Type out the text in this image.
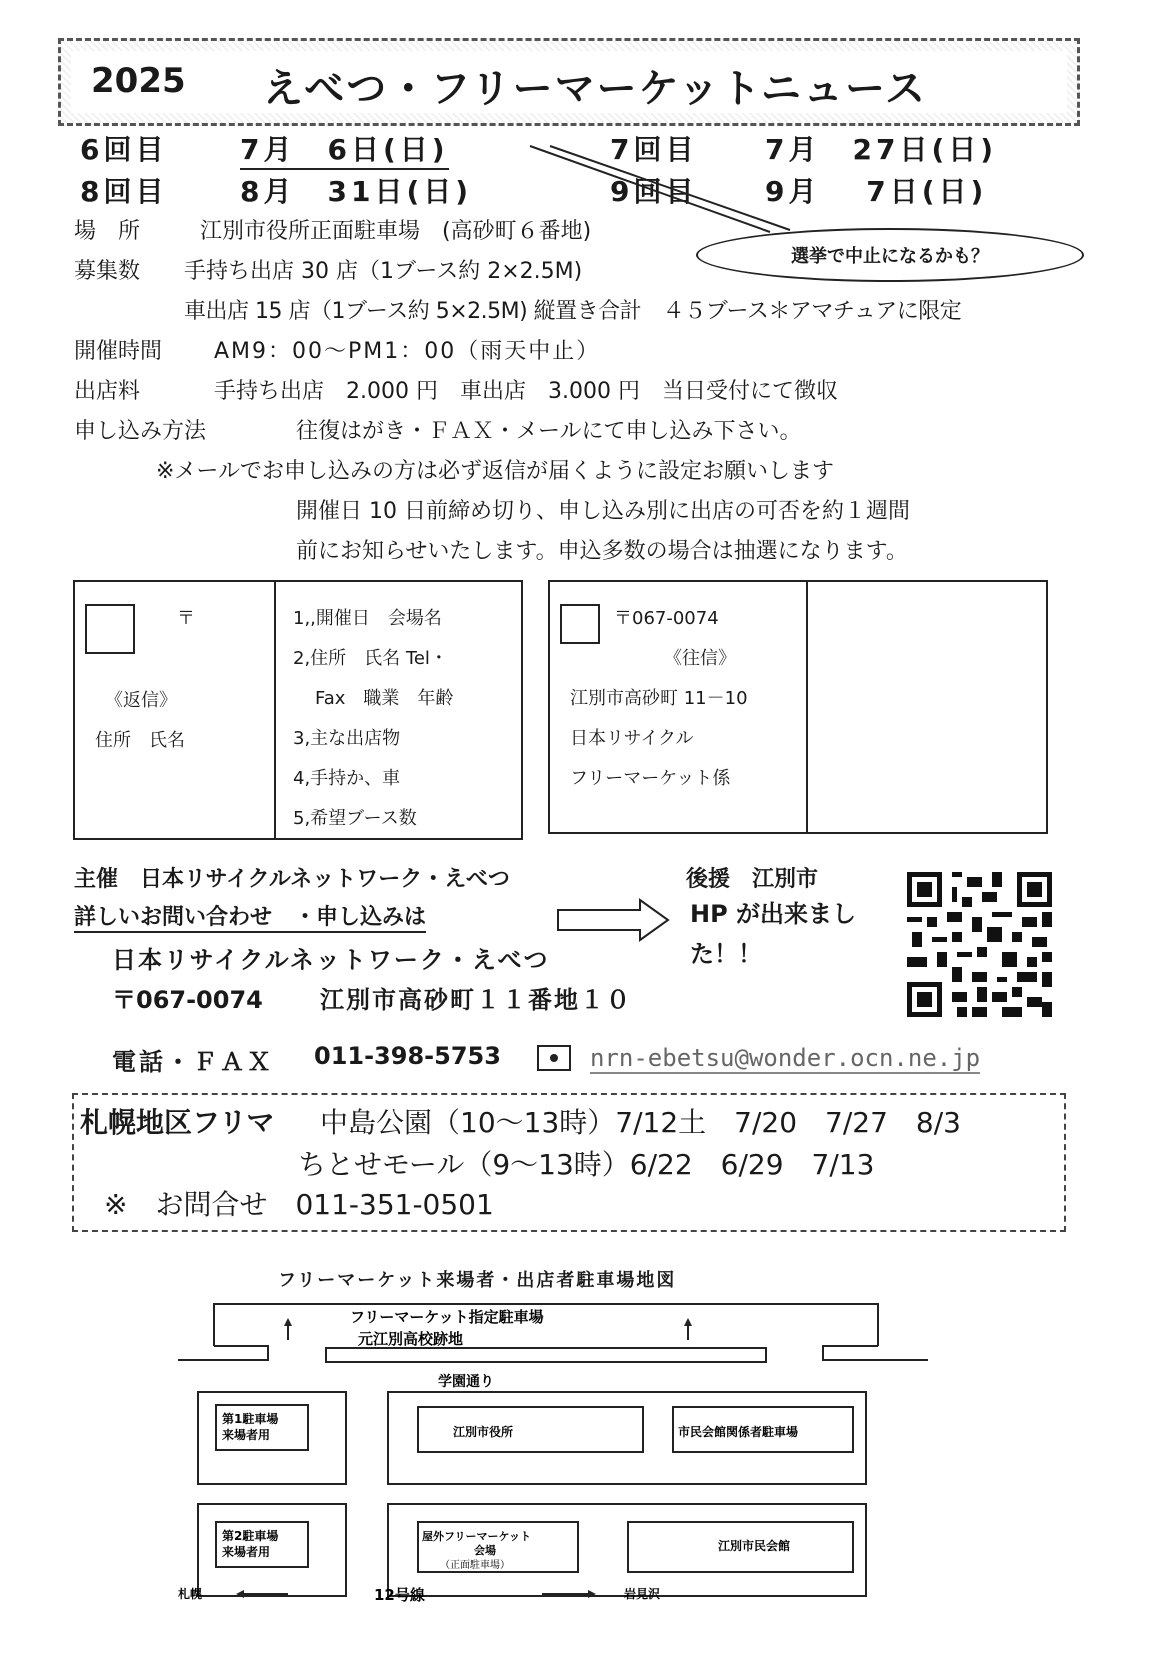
2025 えべつ・フリーマーケットニュース
6回目	7月　6日(日)	7回目 7月　27日(日)
8回目	8月　31日(日)	9回目 9月　 7日(日)
選挙で中止になるかも？
場　所	江別市役所正面駐車場　(高砂町６番地)
募集数 手持ち出店 30 店（1ブース約 2×2.5M)
車出店 15 店（1ブース約 5×2.5M) 縦置き合計　４５ブース＊アマチュアに限定
開催時間 AM9：00〜PM1：00（雨天中止）
出店料	手持ち出店　2.000 円　車出店　3.000 円　当日受付にて徴収
申し込み方法	往復はがき・ＦＡＸ・メールにて申し込み下さい。
※メールでお申し込みの方は必ず返信が届くように設定お願いします
開催日 10 日前締め切り、申し込み別に出店の可否を約１週間
前にお知らせいたします。申込多数の場合は抽選になります。
〒
《返信》
住所　氏名
1,,開催日　会場名
2,住所　氏名 Tel・
Fax　職業　年齢
3,主な出店物
4,手持か、車
5,希望ブース数
〒067-0074
《往信》
江別市高砂町 11－10
日本リサイクル
フリーマーケット係
主催　日本リサイクルネットワーク・えべつ	後援　江別市
詳しいお問い合わせ　・申し込みは	HP が出来ました！！
日本リサイクルネットワーク・えべつ
〒067-0074 江別市高砂町１１番地１０
電話・ＦＡＸ 011-398-5753	nrn-ebetsu@wonder.ocn.ne.jp
札幌地区フリマ 中島公園（10〜13時）7/12土　7/20　7/27　8/3
ちとせモール（9〜13時）6/22　6/29　7/13
※　お問合せ　011-351-0501
フリーマーケット来場者・出店者駐車場地図
フリーマーケット指定駐車場
元江別高校跡地
学園通り
第1駐車場
来場者用
第2駐車場
来場者用
江別市役所	市民会館関係者駐車場
屋外フリーマーケット
会場
（正面駐車場）
江別市民会館
札幌	12号線	岩見沢
